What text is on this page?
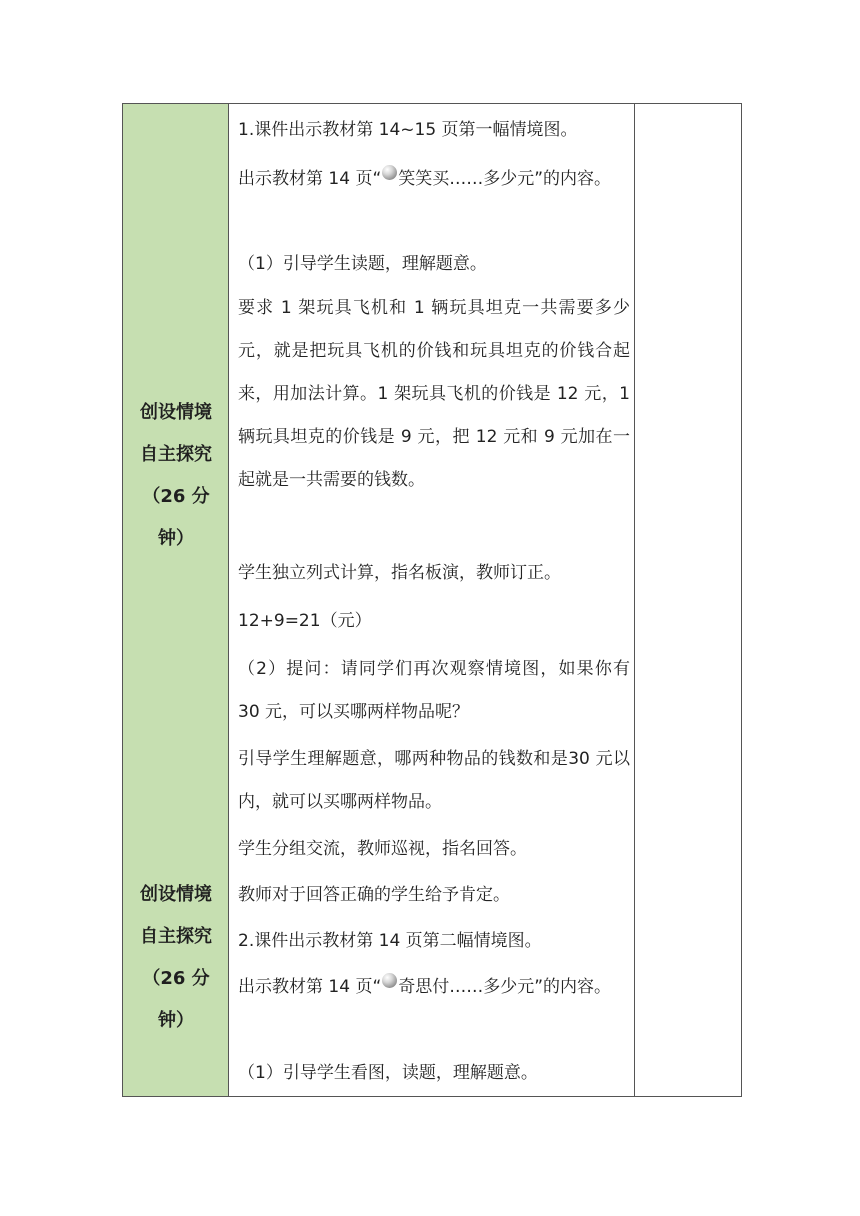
创设情境
自主探究
（26 分
钟）
创设情境
自主探究
（26 分
钟）
1.课件出示教材第 14~15 页第一幅情境图。
出示教材第 14 页“ 笑笑买……多少元”的内容。
（1）引导学生读题，理解题意。
要求 1 架玩具飞机和 1 辆玩具坦克一共需要多少元，就是把玩具飞机的价钱和玩具坦克的价钱合起来，用加法计算。1 架玩具飞机的价钱是 12 元，1 辆玩具坦克的价钱是 9 元，把 12 元和 9 元加在一起就是一共需要的钱数。
学生独立列式计算，指名板演，教师订正。
12+9=21（元）
（2）提问：请同学们再次观察情境图，如果你有 30 元，可以买哪两样物品呢？
引导学生理解题意，哪两种物品的钱数和是30 元以内，就可以买哪两样物品。
学生分组交流，教师巡视，指名回答。
教师对于回答正确的学生给予肯定。
2.课件出示教材第 14 页第二幅情境图。
出示教材第 14 页“ 奇思付……多少元”的内容。
（1）引导学生看图，读题，理解题意。
